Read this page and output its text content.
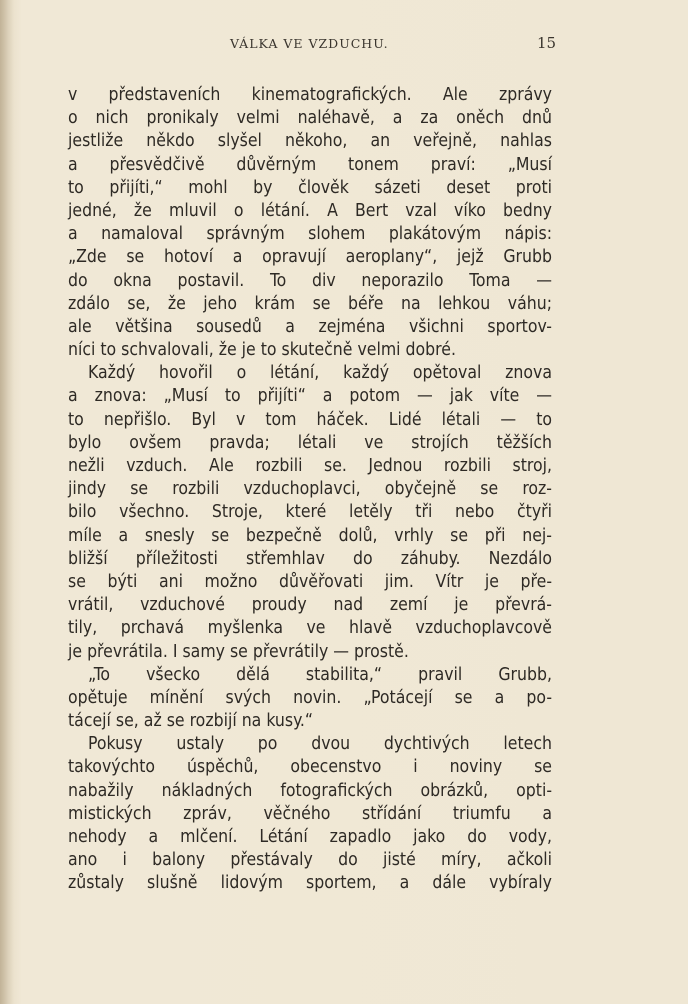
VÁLKA VE VZDUCHU.	15
v představeních kinematografických. Ale zprávy
o nich pronikaly velmi naléhavě, a za oněch dnů
jestliže někdo slyšel někoho, an veřejně, nahlas
a přesvědčivě důvěrným tonem praví: „Musí
to přijíti,“ mohl by člověk sázeti deset proti
jedné, že mluvil o létání. A Bert vzal víko bedny
a namaloval správným slohem plakátovým nápis:
„Zde se hotoví a opravují aeroplany“, jejž Grubb
do okna postavil. To div neporazilo Toma —
zdálo se, že jeho krám se béře na lehkou váhu;
ale většina sousedů a zejména všichni sportov-
níci to schvalovali, že je to skutečně velmi dobré.
Každý hovořil o létání, každý opětoval znova
a znova: „Musí to přijíti“ a potom — jak víte —
to nepřišlo. Byl v tom háček. Lidé létali — to
bylo ovšem pravda; létali ve strojích těžších
nežli vzduch. Ale rozbili se. Jednou rozbili stroj,
jindy se rozbili vzduchoplavci, obyčejně se roz-
bilo všechno. Stroje, které letěly tři nebo čtyři
míle a snesly se bezpečně dolů, vrhly se při nej-
bližší příležitosti střemhlav do záhuby. Nezdálo
se býti ani možno důvěřovati jim. Vítr je pře-
vrátil, vzduchové proudy nad zemí je převrá-
tily, prchavá myšlenka ve hlavě vzduchoplavcově
je převrátila. I samy se převrátily — prostě.
„To všecko dělá stabilita,“ pravil Grubb,
opětuje mínění svých novin. „Potácejí se a po-
tácejí se, až se rozbijí na kusy.“
Pokusy ustaly po dvou dychtivých letech
takovýchto úspěchů, obecenstvo i noviny se
nabažily nákladných fotografických obrázků, opti-
mistických zpráv, věčného střídání triumfu a
nehody a mlčení. Létání zapadlo jako do vody,
ano i balony přestávaly do jisté míry, ačkoli
zůstaly slušně lidovým sportem, a dále vybíraly
